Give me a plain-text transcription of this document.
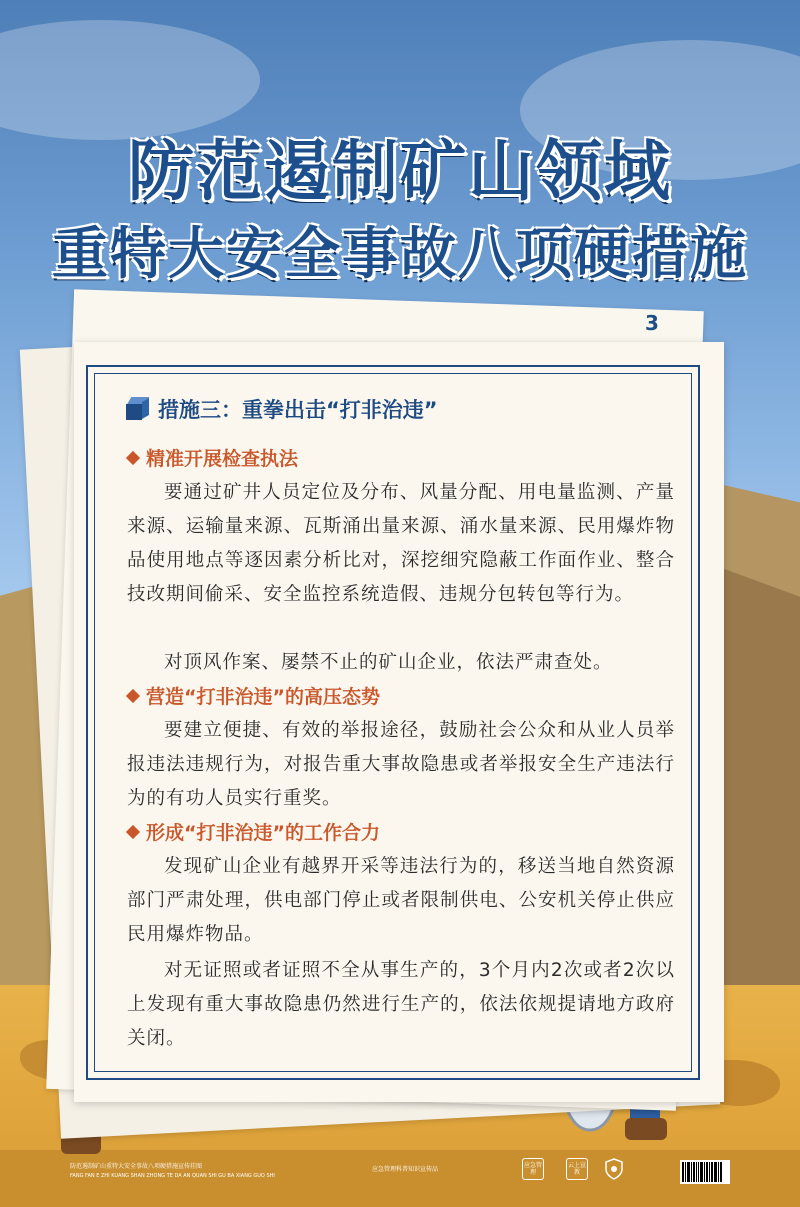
防范遏制矿山领域
重特大安全事故八项硬措施
3
措施三：重拳出击“打非治违”
精准开展检查执法
要通过矿井人员定位及分布、风量分配、用电量监测、产量来源、运输量来源、瓦斯涌出量来源、涌水量来源、民用爆炸物品使用地点等逐因素分析比对，深挖细究隐蔽工作面作业、整合技改期间偷采、安全监控系统造假、违规分包转包等行为。
对顶风作案、屡禁不止的矿山企业，依法严肃查处。
营造“打非治违”的高压态势
要建立便捷、有效的举报途径，鼓励社会公众和从业人员举报违法违规行为，对报告重大事故隐患或者举报安全生产违法行为的有功人员实行重奖。
形成“打非治违”的工作合力
发现矿山企业有越界开采等违法行为的，移送当地自然资源部门严肃处理，供电部门停止或者限制供电、公安机关停止供应民用爆炸物品。
对无证照或者证照不全从事生产的，3个月内2次或者2次以上发现有重大事故隐患仍然进行生产的，依法依规提请地方政府关闭。
防范遏制矿山重特大安全事故八项硬措施宣传挂图
FANG FAN E ZHI KUANG SHAN ZHONG TE DA AN QUAN SHI GU BA XIANG GUO SHI
应急管理科普知识宣传品
应急管理
云上宣教
